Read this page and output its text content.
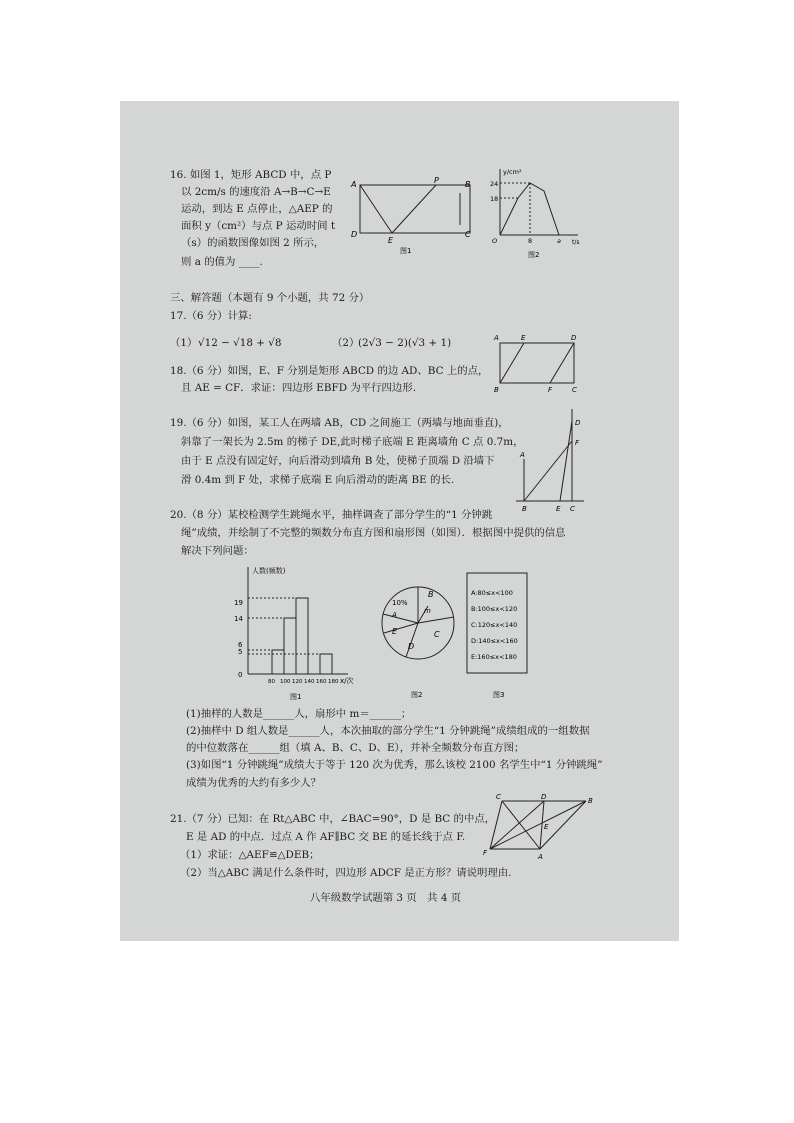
16. 如图 1，矩形 ABCD 中，点 P
以 2cm/s 的速度沿 A→B→C→E
运动，到达 E 点停止，△AEP 的
面积 y（cm²）与点 P 运动时间 t
（s）的函数图像如图 2 所示，
则 a 的值为 ____.
A	P	B
D
E
C
图1
y/cm²
24
18
O	8	a t/s
图2
三、解答题（本题有 9 个小题，共 72 分）
17.（6 分）计算:
（1） √12 − √18 + √8	（2）
(2√3 − 2)(√3 + 1)	A	E	D
B	F	C
18.（6 分）如图，E、F 分别是矩形 ABCD 的边 AD、BC 上的点，
且 AE = CF．求证：四边形 EBFD 为平行四边形.
19.（6 分）如图，某工人在两墙 AB，CD 之间施工（两墙与地面垂直)，
斜靠了一架长为 2.5m 的梯子 DE,此时梯子底端 E 距离墙角 C 点 0.7m，
由于 E 点没有固定好，向后滑动到墙角 B 处，使梯子顶端 D 沿墙下
滑 0.4m 到 F 处，求梯子底端 E 向后滑动的距离 BE 的长.
A
B	E C
D
F
20.（8 分）某校检测学生跳绳水平，抽样调查了部分学生的“1 分钟跳
绳”成绩，并绘制了不完整的频数分布直方图和扇形图（如图）．根据图中提供的信息
解决下列问题：
人数(频数)
19
14
6
5
0
80 100 120 140 160 180 x/次
图1
10%
A
B
m
C
D
E
图2
A:80≤x<100
B:100≤x<120
C:120≤x<140
D:140≤x<160
E:160≤x<180
图3
(1)抽样的人数是______人，扇形中 m＝______；
(2)抽样中 D 组人数是______人，本次抽取的部分学生“1 分钟跳绳”成绩组成的一组数据
的中位数落在______组（填 A、B、C、D、E），并补全频数分布直方图；
(3)如图“1 分钟跳绳”成绩大于等于 120 次为优秀，那么该校 2100 名学生中“1 分钟跳绳”
成绩为优秀的大约有多少人？
21.（7 分）已知：在 Rt△ABC 中，∠BAC=90°，D 是 BC 的中点，
E 是 AD 的中点．过点 A 作 AF∥BC 交 BE 的延长线于点 F.
（1）求证：△AEF≌△DEB；
（2）当△ABC 满足什么条件时，四边形 ADCF 是正方形？请说明理由.
C	D	B
E
F	A
八年级数学试题第 3 页　共 4 页
